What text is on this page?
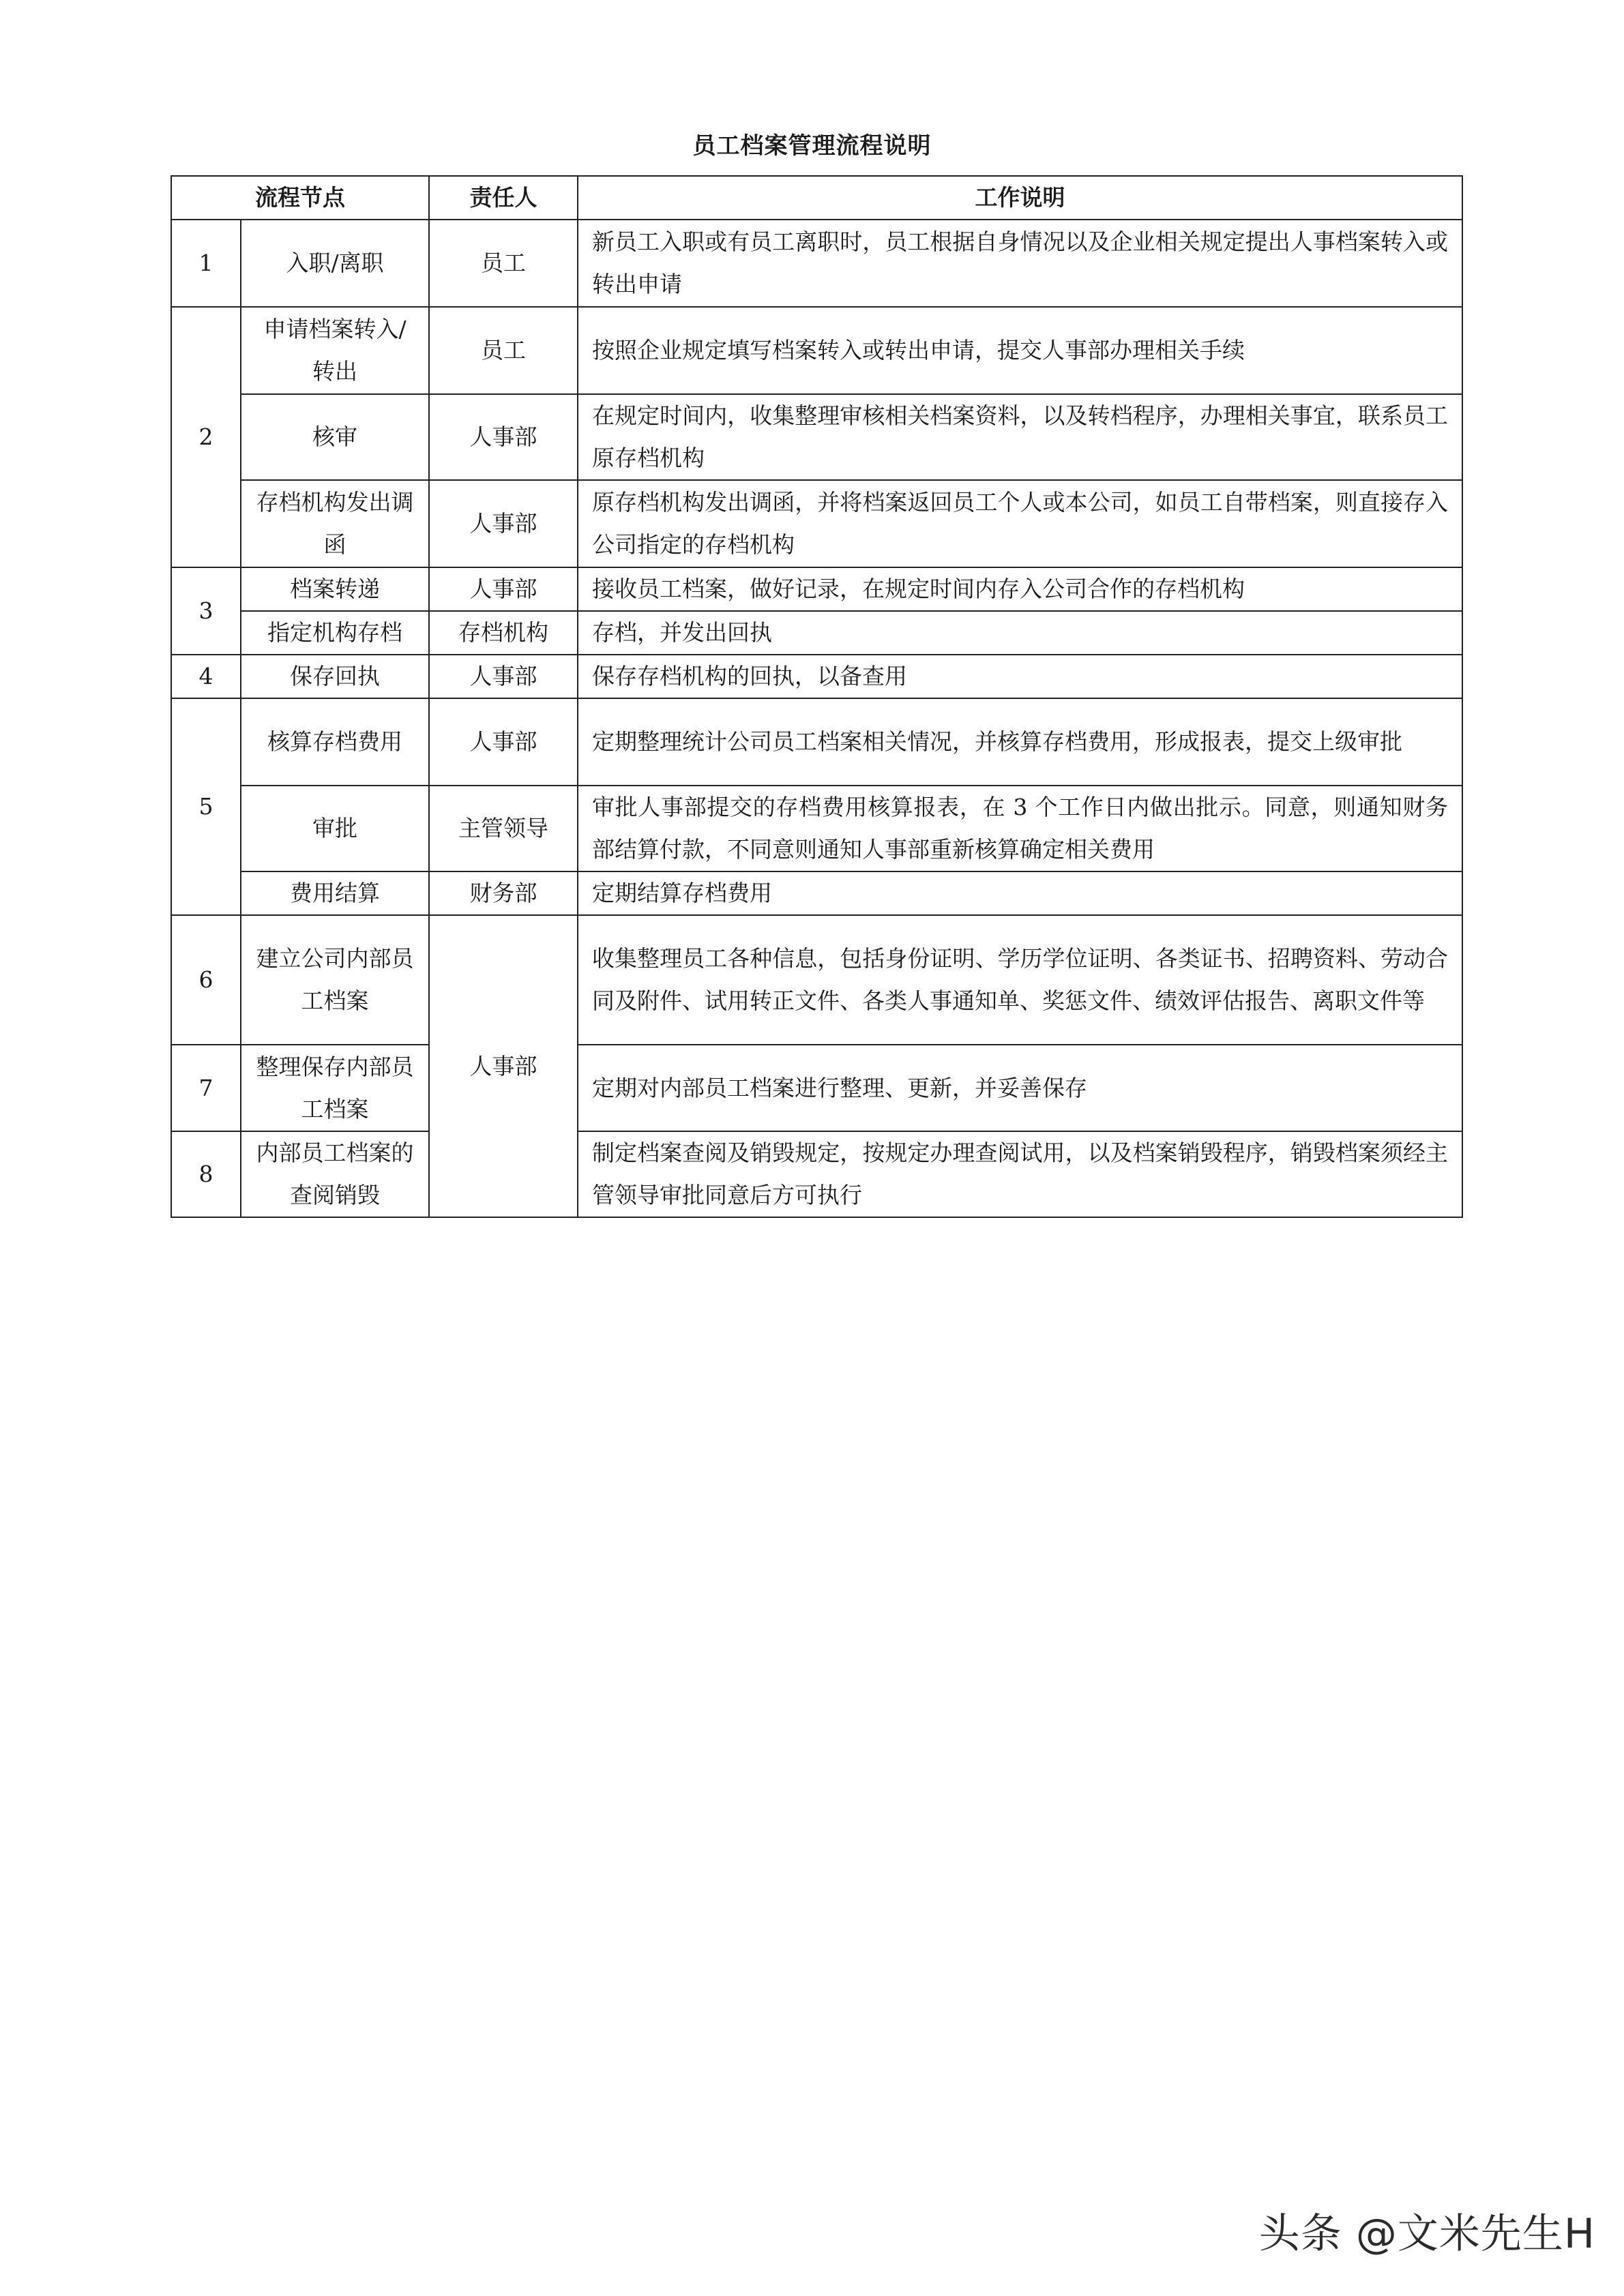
员工档案管理流程说明
流程节点		责任人	工作说明
1	入职/离职	员工	新员工入职或有员工离职时，员工根据自身情况以及企业相关规定提出人事档案转入或转出申请
2	申请档案转入/转出	员工	按照企业规定填写档案转入或转出申请，提交人事部办理相关手续
	核审	人事部	在规定时间内，收集整理审核相关档案资料，以及转档程序，办理相关事宜，联系员工原存档机构
	存档机构发出调函	人事部	原存档机构发出调函，并将档案返回员工个人或本公司，如员工自带档案，则直接存入公司指定的存档机构
3	档案转递	人事部	接收员工档案，做好记录，在规定时间内存入公司合作的存档机构
	指定机构存档	存档机构	存档，并发出回执
4	保存回执	人事部	保存存档机构的回执，以备查用
5	核算存档费用	人事部	定期整理统计公司员工档案相关情况，并核算存档费用，形成报表，提交上级审批
	审批	主管领导	审批人事部提交的存档费用核算报表，在 3 个工作日内做出批示。同意，则通知财务部结算付款，不同意则通知人事部重新核算确定相关费用
	费用结算	财务部	定期结算存档费用
6	建立公司内部员工档案	人事部	收集整理员工各种信息，包括身份证明、学历学位证明、各类证书、招聘资料、劳动合同及附件、试用转正文件、各类人事通知单、奖惩文件、绩效评估报告、离职文件等
7	整理保存内部员工档案		定期对内部员工档案进行整理、更新，并妥善保存
8	内部员工档案的查阅销毁		制定档案查阅及销毁规定，按规定办理查阅试用，以及档案销毁程序，销毁档案须经主管领导审批同意后方可执行
头条 @文米先生H
